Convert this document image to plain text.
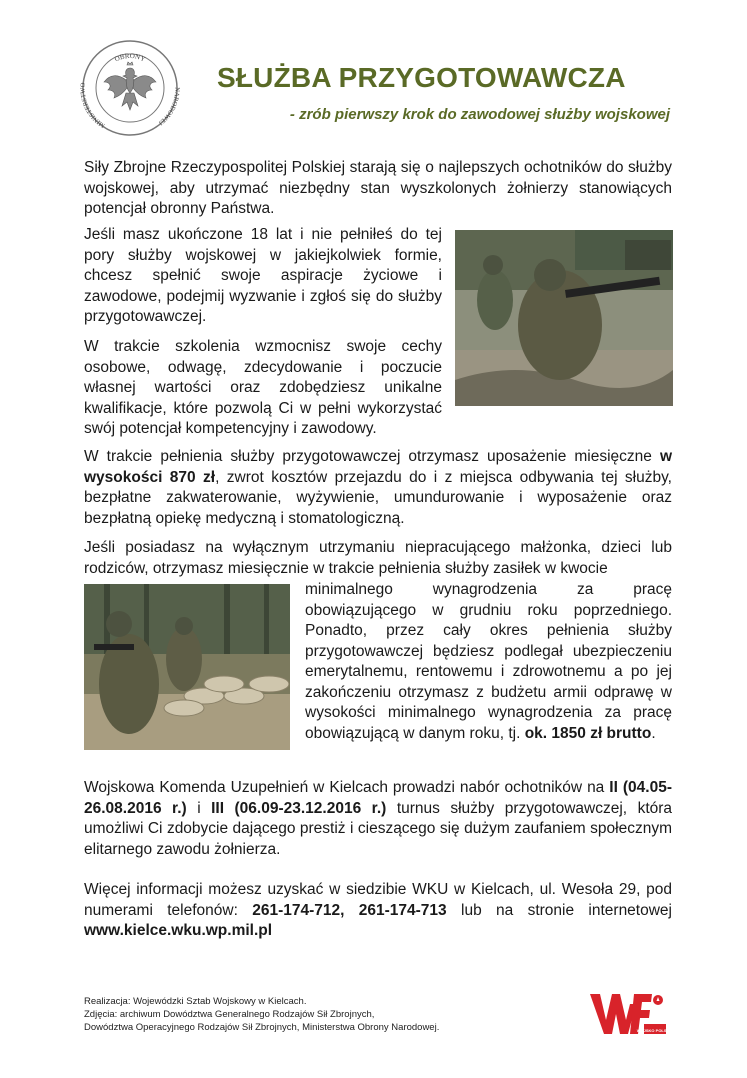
OBRONY
MINISTERSTWO
NARODOWEJ
SŁUŻBA PRZYGOTOWAWCZA

- zrób pierwszy krok do zawodowej służby wojskowej

Siły Zbrojne Rzeczypospolitej Polskiej starają się o najlepszych ochotników do służby wojskowej, aby utrzymać niezbędny stan wyszkolonych żołnierzy stanowiących potencjał obronny Państwa.

Jeśli masz ukończone 18 lat i nie pełniłeś do tej pory służby wojskowej w jakiejkolwiek formie, chcesz spełnić swoje aspiracje życiowe i zawodowe, podejmij wyzwanie i zgłoś się do służby przygotowawczej.

W trakcie szkolenia wzmocnisz swoje cechy osobowe, odwagę, zdecydowanie i poczucie własnej wartości oraz zdobędziesz unikalne kwalifikacje, które pozwolą Ci w pełni wykorzystać swój potencjał kompetencyjny i zawodowy.

W trakcie pełnienia służby przygotowawczej otrzymasz uposażenie miesięczne w wysokości 870 zł, zwrot kosztów przejazdu do i z miejsca odbywania tej służby, bezpłatne zakwaterowanie, wyżywienie, umundurowanie i wyposażenie oraz bezpłatną opiekę medyczną i stomatologiczną.

Jeśli posiadasz na wyłącznym utrzymaniu niepracującego małżonka, dzieci lub rodziców, otrzymasz miesięcznie w trakcie pełnienia służby zasiłek w kwocie

minimalnego wynagrodzenia za pracę obowiązującego w grudniu roku poprzedniego. Ponadto, przez cały okres pełnienia służby przygotowawczej będziesz podlegał ubezpieczeniu emerytalnemu, rentowemu i zdrowotnemu a po jej zakończeniu otrzymasz z budżetu armii odprawę w wysokości minimalnego wynagrodzenia za pracę obowiązującą w danym roku, tj. ok. 1850 zł brutto.

Wojskowa Komenda Uzupełnień w Kielcach prowadzi nabór ochotników na II (04.05-26.08.2016 r.) i III (06.09-23.12.2016 r.) turnus służby przygotowawczej, która umożliwi Ci zdobycie dającego prestiż i cieszącego się dużym zaufaniem społecznym elitarnego zawodu żołnierza.

Więcej informacji możesz uzyskać w siedzibie WKU w Kielcach, ul. Wesoła 29, pod numerami telefonów: 261-174-712, 261-174-713 lub na stronie internetowej www.kielce.wku.wp.mil.pl

Realizacja: Wojewódzki Sztab Wojskowy w Kielcach.
Zdjęcia: archiwum Dowództwa Generalnego Rodzajów Sił Zbrojnych,
Dowództwa Operacyjnego Rodzajów Sił Zbrojnych, Ministerstwa Obrony Narodowej.	WOJSKO POLSKIE
